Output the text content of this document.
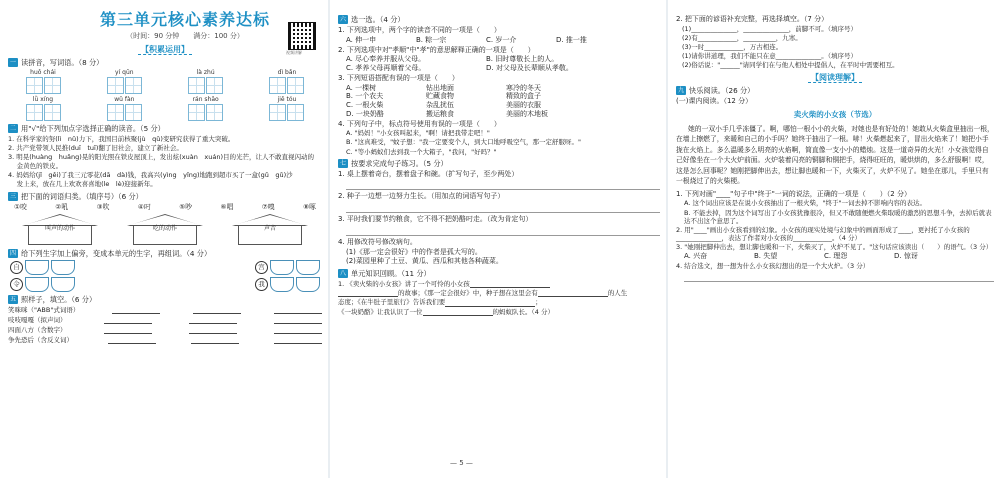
第三单元核心素养达标
（时间：90 分钟　　满分：100 分）
视频讲解
【积累运用】
一 读拼音，写词语。（8 分）
huǒ chái	yí qūn	là zhú	dì bǎn
lǜ xíng	wǔ fàn	rán shāo	jiē tóu
二 用"√"给下列加点字选择正确的读音。（5 分）
1. 在科学家的努(lì　nǔ)力下，我国目前核聚(jù　qǔ)变研究获得了重大突破。
2. 共产党带领人民推(duī　tuī)翻了旧社会，建立了新社会。
3. 明晃(huàng　huǎng)晃的阳光照在铁皮屋顶上，发出炫(xuàn　xuán)目的光芒，让人不敢直视闪动的
　 金黄色的铁皮。
4. 妈妈给(jǐ　gěi)了我三元零花(dā　dà)钱，我高兴(yìng　yǐng)地跑到超市买了一盒(gǔ　gǔ)沙
　 发上来，放在几上欢欢喜喜地(le　lè)迎接新年。
三 把下面的词语归类。（填序号）（6 分）
①咬	②吼	③吹	④叼	⑤吵	⑥唱	⑦嗅	⑧啄
叫声的动作	吃的动作	声音
四 给下列生字加上偏旁，变成本单元的生字，再组词。（4 分）
自	宫
令	我
五 照样子，填空。（6 分）
笑咪咪（"ABB"式词语）
吱吱嘎嘎（拟声词）
四面八方（含数字）
争先恐后（含反义词）
六 选一选。（4 分）
1. 下列选项中，两个字的读音不同的一项是（　　）
A. 伸一申	B. 粽一宗	C. 岁一介	D. 推一推
2. 下列选项中对"孝顺"中"孝"的意思解释正确的一项是（　　）
A. 尽心奉养并服从父母。	B. 旧时尊敬长上的人。
C. 孝养父母再顺着父母。	D. 对父母及长辈顺从孝敬。
3. 下列短语搭配有误的一项是（　　）
A. 一棵树	钻出地面	寒冷的冬天
B. 一个农夫	贮藏食物	精致的盒子
C. 一根火柴	杂乱扰伍	美丽的衣服
D. 一块奶酪	搬运粮食	美丽的木地板
4. 下列句子中，标点符号使用有误的一项是（　　）
A. "妈妈！"小女孩叫起来，"啊！请把我带走吧！"
B. "这真难受，"蚊子想："我一定要变个人，到大口地呼吸空气，那一定舒服呀。"
C. "等小蚂蚁们去到我一个大箱子，"我问，"好吗？"
七 按要求完成句子练习。（5 分）
1. 桌上摆着奇台，摆着盘子和碗。（扩写句子，至少两处）
2. 种子一边想一边努力生长。（用加点的词语写句子）
3. 平时我们要节约粮食，它不得不把奶酪叼走。（改为肯定句）
4. 用修改符号修改病句。
(1)《那一定会很好》中的作者是孤大写的。
(2)菜园里种了土豆、黄瓜、西瓜和其他各种蔬菜。
八 单元知识回顾。（11 分）
1. 《卖火柴的小女孩》讲了一个可怜的小女孩
的故事；《那一定会很好》中，种子想在这里会有	的人生
态度；《在牛肚子里旅行》告诉我们要	；
《一块奶酪》让我认识了一位	的蚂蚁队长。（4 分）
— 5 —
2. 把下面的谚语补充完整，再选择填空。（7 分）
(1)______________，______________，前脚不可。（填序号）
(2)有____________，__________，九寒。
(3)一时____________，万古相连。
(1)请你讲道理，我们不能只在意______________。（填序号）
(2)俗话说："______"请同学们在与他人相处中提倡人，在平时中需要相互。
【阅读理解】
九 快乐阅读。（26 分）
(一)课内阅读。（12 分）
卖火柴的小女孩（节选）
她的一双小手几乎冻僵了。啊，哪怕一根小小的火柴，对她也是有好处的！她敢从火柴盒里抽出一根，在墙上擦燃了，来暖和自己的小手吗？她终于抽出了一根。哧！火柴燃起来了，冒出火焰来了！她把小手拢在火焰上。多么温暖多么明亮的火焰啊，简直像一支小小的蜡烛。这是一道奇异的火光！小女孩觉得自己好像坐在一个大火炉前面。火炉装着闪亮的铜脚和铜把手，烧得旺旺的，暖烘烘的，多么舒服啊！哎，这是怎么回事呢？她刚把脚伸出去，想让脚也暖和一下，火柴灭了，火炉不见了。她坐在那儿，手里只有一根烧过了的火柴梗。
1. 下列对画"____"句子中"终于"一词的说法，正确的一项是（　　）（2 分）
A. 这个词出应该是在说小女孩抽出了一根火柴，"终于"一词去掉不影响内容的表达。
B. 不能去掉，因为这个词写出了小女孩犹豫很冷，但又不敢随便燃火柴取暖的激烈的思想斗争，去掉后就表达不出这个意思了。
2. 用"____"画出小女孩看到的幻象。小女孩的现实处境与幻象中的画面形成了____，更衬托了小女孩的______________，表达了作者对小女孩的____________。（4 分）
3. "她刚把脚伸出去，想让脚也暖和一下，火柴灭了，火炉不见了。"这句话应该读出（　　）的语气。（3 分）
A. 兴奋	B. 失望	C. 理怨	D. 惊讶
4. 结合选文，想一想为什么小女孩幻想出的是一个大火炉。（3 分）
